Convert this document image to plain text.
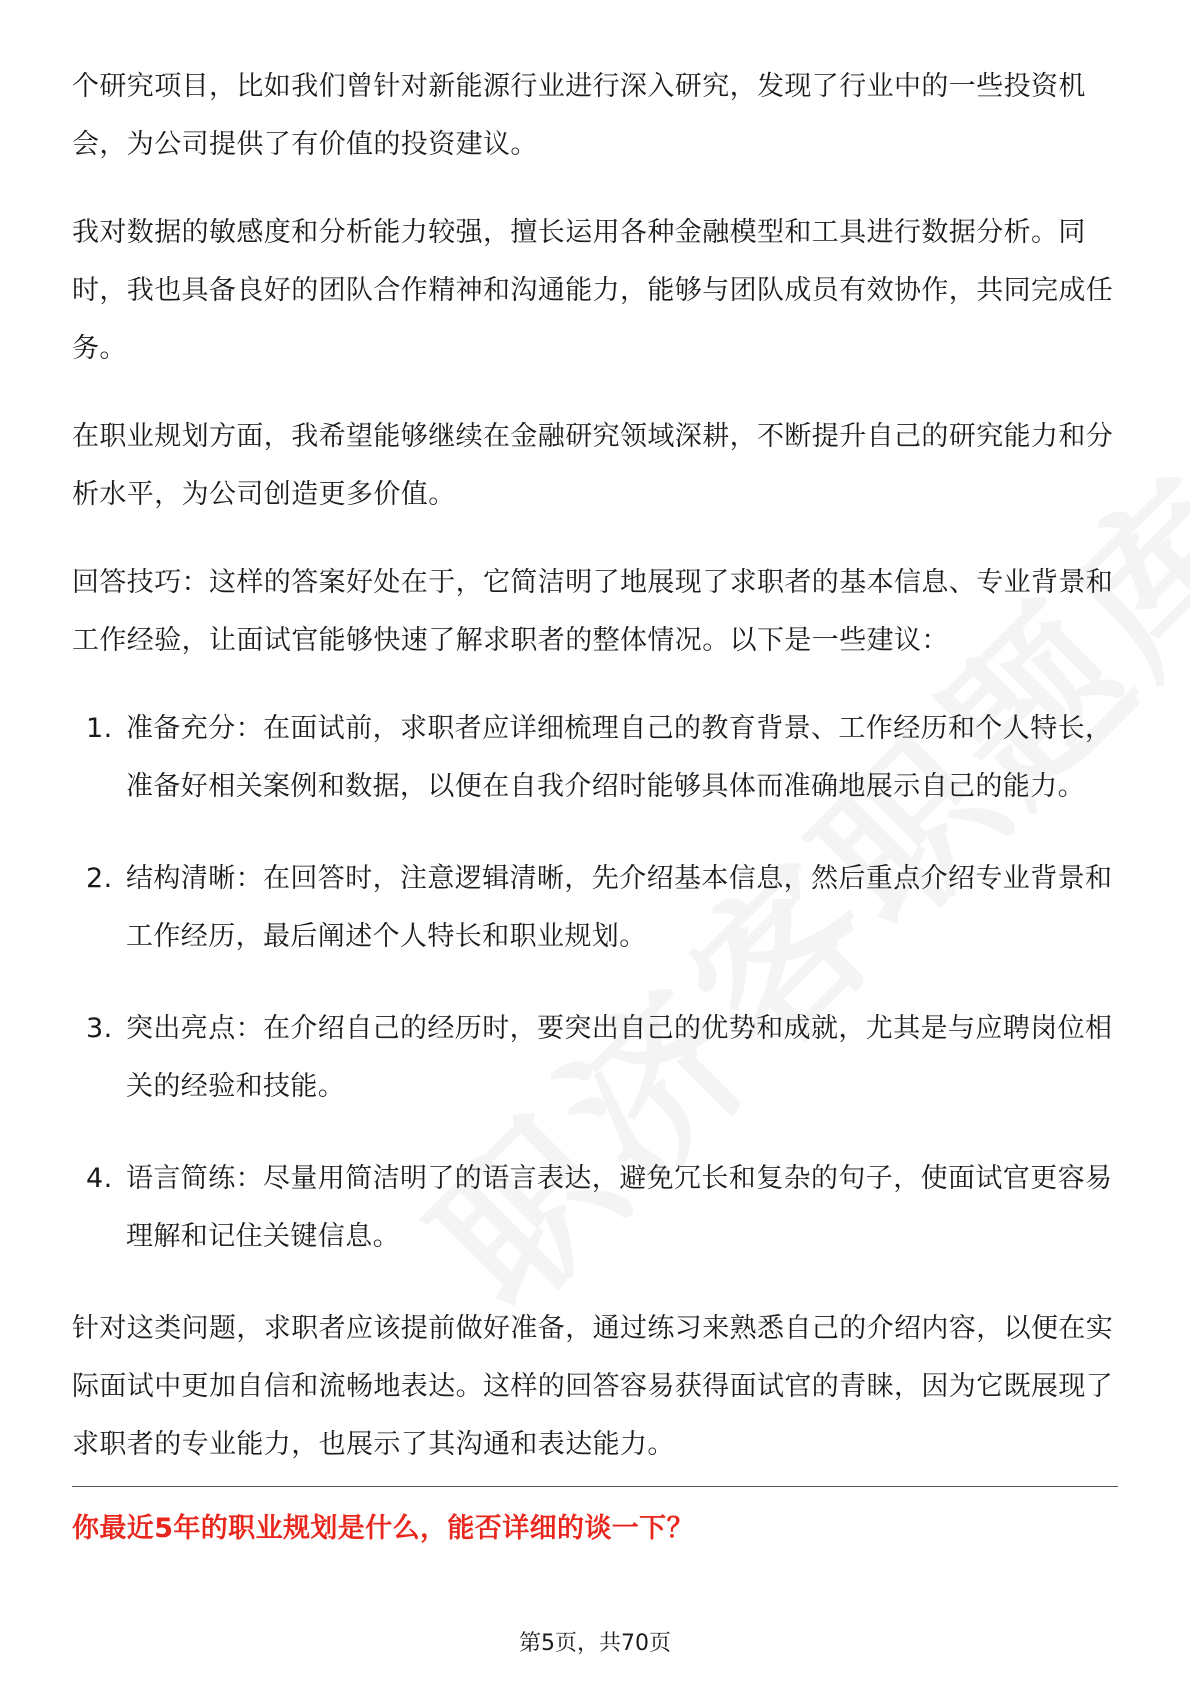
个研究项目，比如我们曾针对新能源行业进行深入研究，发现了行业中的一些投资机会，为公司提供了有价值的投资建议。

我对数据的敏感度和分析能力较强，擅长运用各种金融模型和工具进行数据分析。同时，我也具备良好的团队合作精神和沟通能力，能够与团队成员有效协作，共同完成任务。

在职业规划方面，我希望能够继续在金融研究领域深耕，不断提升自己的研究能力和分析水平，为公司创造更多价值。

回答技巧：这样的答案好处在于，它简洁明了地展现了求职者的基本信息、专业背景和工作经验，让面试官能够快速了解求职者的整体情况。以下是一些建议：

1. 准备充分：在面试前，求职者应详细梳理自己的教育背景、工作经历和个人特长，准备好相关案例和数据，以便在自我介绍时能够具体而准确地展示自己的能力。
2. 结构清晰：在回答时，注意逻辑清晰，先介绍基本信息，然后重点介绍专业背景和工作经历，最后阐述个人特长和职业规划。
3. 突出亮点：在介绍自己的经历时，要突出自己的优势和成就，尤其是与应聘岗位相关的经验和技能。
4. 语言简练：尽量用简洁明了的语言表达，避免冗长和复杂的句子，使面试官更容易理解和记住关键信息。

针对这类问题，求职者应该提前做好准备，通过练习来熟悉自己的介绍内容，以便在实际面试中更加自信和流畅地表达。这样的回答容易获得面试官的青睐，因为它既展现了求职者的专业能力，也展示了其沟通和表达能力。

你最近5年的职业规划是什么，能否详细的谈一下？
第5页，共70页
